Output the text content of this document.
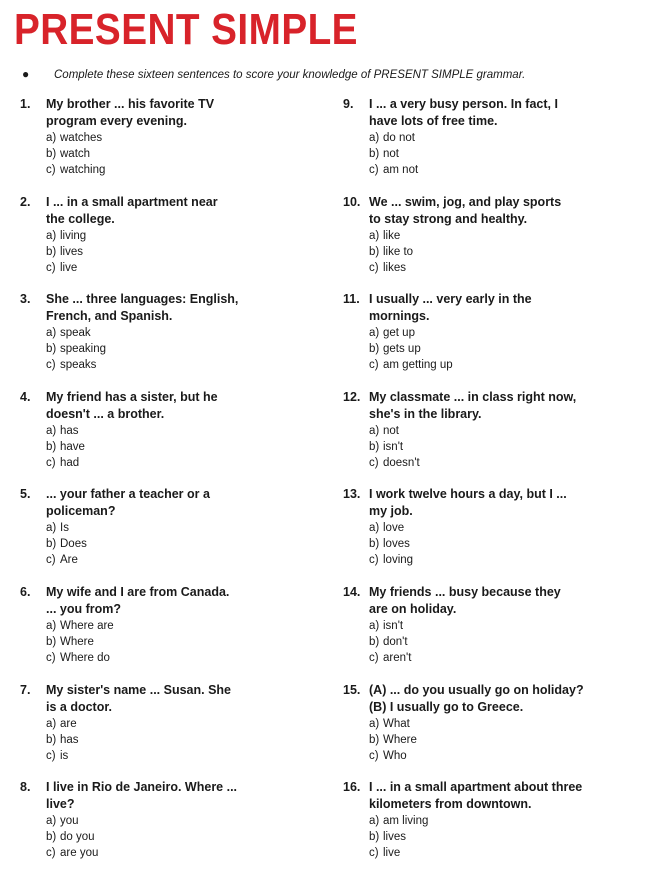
PRESENT SIMPLE
● Complete these sixteen sentences to score your knowledge of PRESENT SIMPLE grammar.
1.	My brother ... his favorite TV
program every evening.

a) watches
b) watch
c) watching
2.	I ... in a small apartment near
the college.

a) living
b) lives
c) live
3.	She ... three languages: English,
French, and Spanish.

a) speak
b) speaking
c) speaks
4.	My friend has a sister, but he
doesn't ... a brother.

a) has
b) have
c) had
5.	... your father a teacher or a
policeman?

a) Is
b) Does
c) Are
6.	My wife and I are from Canada.
... you from?

a) Where are
b) Where
c) Where do
7.	My sister's name ... Susan. She
is a doctor.

a) are
b) has
c) is
8.	I live in Rio de Janeiro. Where ...
live?

a) you
b) do you
c) are you
9.	I ... a very busy person. In fact, I
have lots of free time.

a) do not
b) not
c) am not
10. We ... swim, jog, and play sports
to stay strong and healthy.

a) like
b) like to
c) likes
11. I usually ... very early in the
mornings.

a) get up
b) gets up
c) am getting up
12. My classmate ... in class right now,
she's in the library.

a) not
b) isn't
c) doesn't
13. I work twelve hours a day, but I ...
my job.

a) love
b) loves
c) loving
14. My friends ... busy because they
are on holiday.

a) isn't
b) don't
c) aren't
15. (A) ... do you usually go on holiday?
(B) I usually go to Greece.

a) What
b) Where
c) Who
16. I ... in a small apartment about three
kilometers from downtown.

a) am living
b) lives
c) live
